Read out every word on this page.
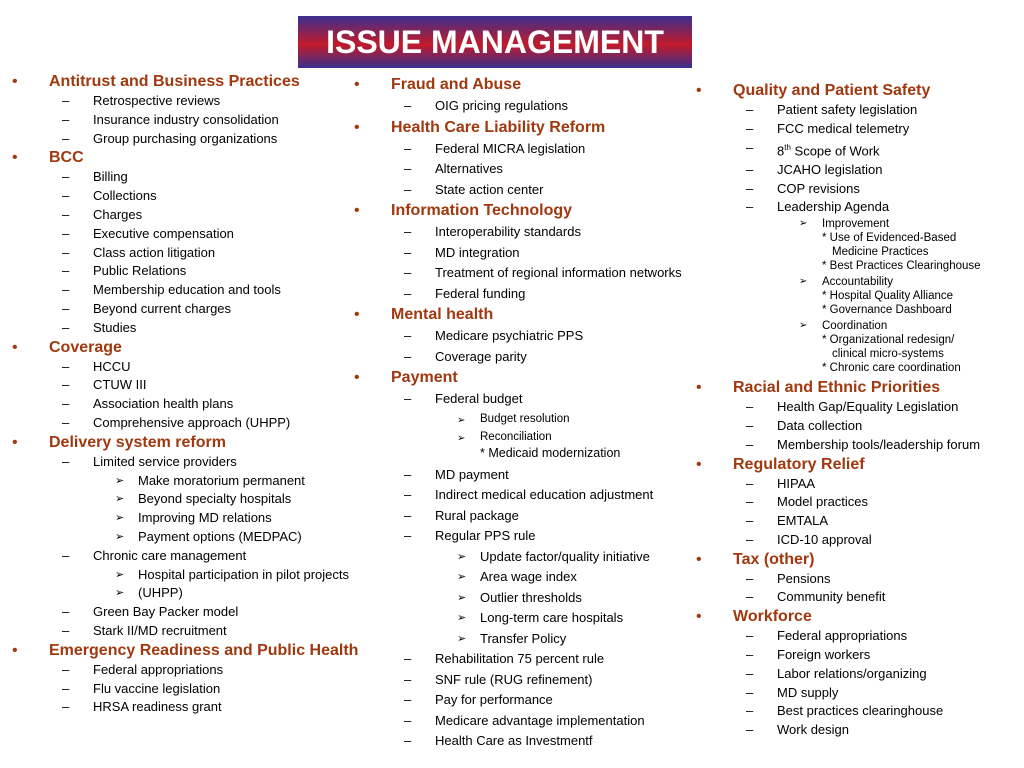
ISSUE MANAGEMENT
• Antitrust and Business Practices
– Retrospective reviews
– Insurance industry consolidation
– Group purchasing organizations
• BCC
– Billing
– Collections
– Charges
– Executive compensation
– Class action litigation
– Public Relations
– Membership education and tools
– Beyond current charges
– Studies
• Coverage
– HCCU
– CTUW III
– Association health plans
– Comprehensive approach (UHPP)
• Delivery system reform
– Limited service providers
➢ Make moratorium permanent
➢ Beyond specialty hospitals
➢ Improving MD relations
➢ Payment options (MEDPAC)
– Chronic care management
➢ Hospital participation in pilot projects
➢ (UHPP)
– Green Bay Packer model
– Stark II/MD recruitment
• Emergency Readiness and Public Health
– Federal appropriations
– Flu vaccine legislation
– HRSA readiness grant
• Fraud and Abuse
– OIG pricing regulations
• Health Care Liability Reform
– Federal MICRA legislation
– Alternatives
– State action center
• Information Technology
– Interoperability standards
– MD integration
– Treatment of regional information networks
– Federal funding
• Mental health
– Medicare psychiatric PPS
– Coverage parity
• Payment
– Federal budget
➢ Budget resolution
➢ Reconciliation
* Medicaid modernization
– MD payment
– Indirect medical education adjustment
– Rural package
– Regular PPS rule
➢ Update factor/quality initiative
➢ Area wage index
➢ Outlier thresholds
➢ Long-term care hospitals
➢ Transfer Policy
– Rehabilitation 75 percent rule
– SNF rule (RUG refinement)
– Pay for performance
– Medicare advantage implementation
– Health Care as Investmentf
• Quality and Patient Safety
– Patient safety legislation
– FCC medical telemetry
– 8th Scope of Work
– JCAHO legislation
– COP revisions
– Leadership Agenda
➢ Improvement
* Use of Evidenced-Based
Medicine Practices
* Best Practices Clearinghouse
➢ Accountability
* Hospital Quality Alliance
* Governance Dashboard
➢ Coordination
* Organizational redesign/
clinical micro-systems
* Chronic care coordination
• Racial and Ethnic Priorities
– Health Gap/Equality Legislation
– Data collection
– Membership tools/leadership forum
• Regulatory Relief
– HIPAA
– Model practices
– EMTALA
– ICD-10 approval
• Tax (other)
– Pensions
– Community benefit
• Workforce
– Federal appropriations
– Foreign workers
– Labor relations/organizing
– MD supply
– Best practices clearinghouse
– Work design
